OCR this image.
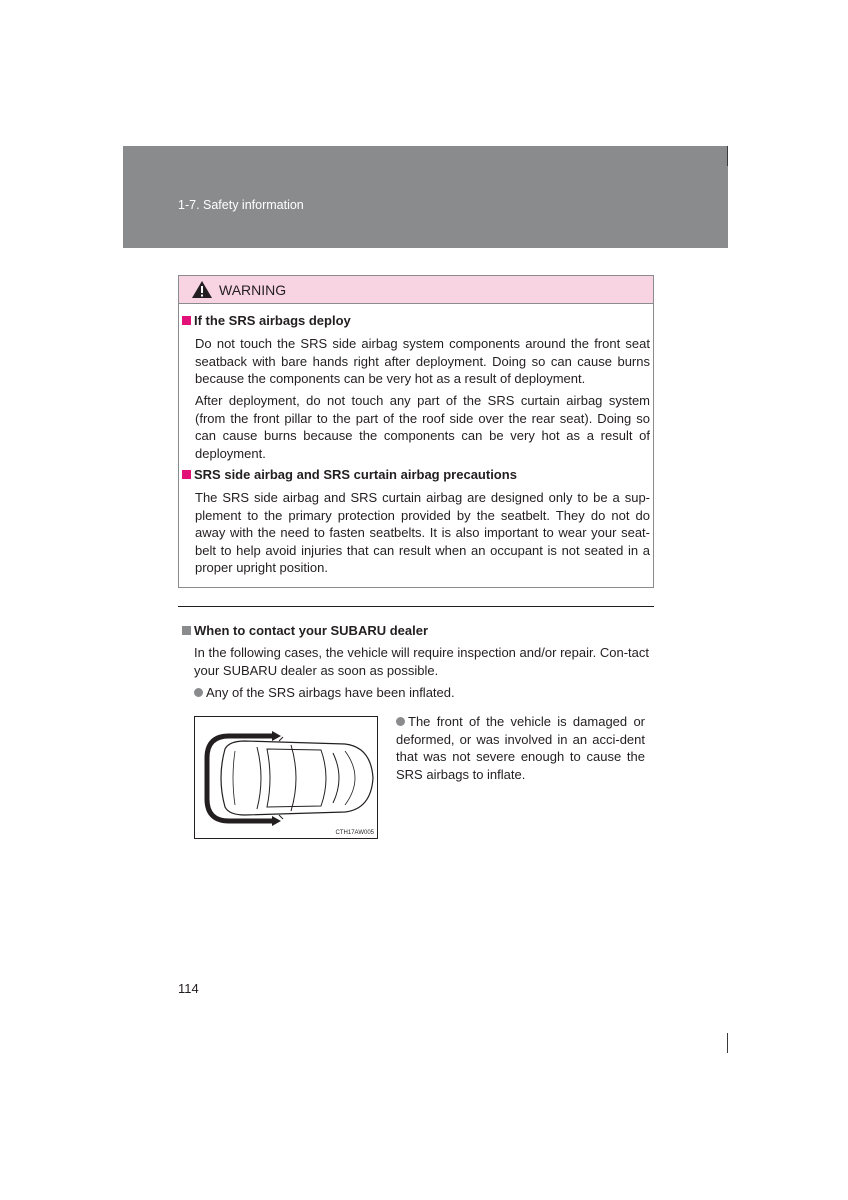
1-7. Safety information
WARNING
If the SRS airbags deploy
Do not touch the SRS side airbag system components around the front seat seatback with bare hands right after deployment. Doing so can cause burns because the components can be very hot as a result of deployment.
After deployment, do not touch any part of the SRS curtain airbag system (from the front pillar to the part of the roof side over the rear seat). Doing so can cause burns because the components can be very hot as a result of deployment.
SRS side airbag and SRS curtain airbag precautions
The SRS side airbag and SRS curtain airbag are designed only to be a sup-plement to the primary protection provided by the seatbelt. They do not do away with the need to fasten seatbelts. It is also important to wear your seat-belt to help avoid injuries that can result when an occupant is not seated in a proper upright position.
When to contact your SUBARU dealer
In the following cases, the vehicle will require inspection and/or repair. Con-tact your SUBARU dealer as soon as possible.
Any of the SRS airbags have been inflated.
CTH17AW005
The front of the vehicle is damaged or deformed, or was involved in an acci-dent that was not severe enough to cause the SRS airbags to inflate.
114
